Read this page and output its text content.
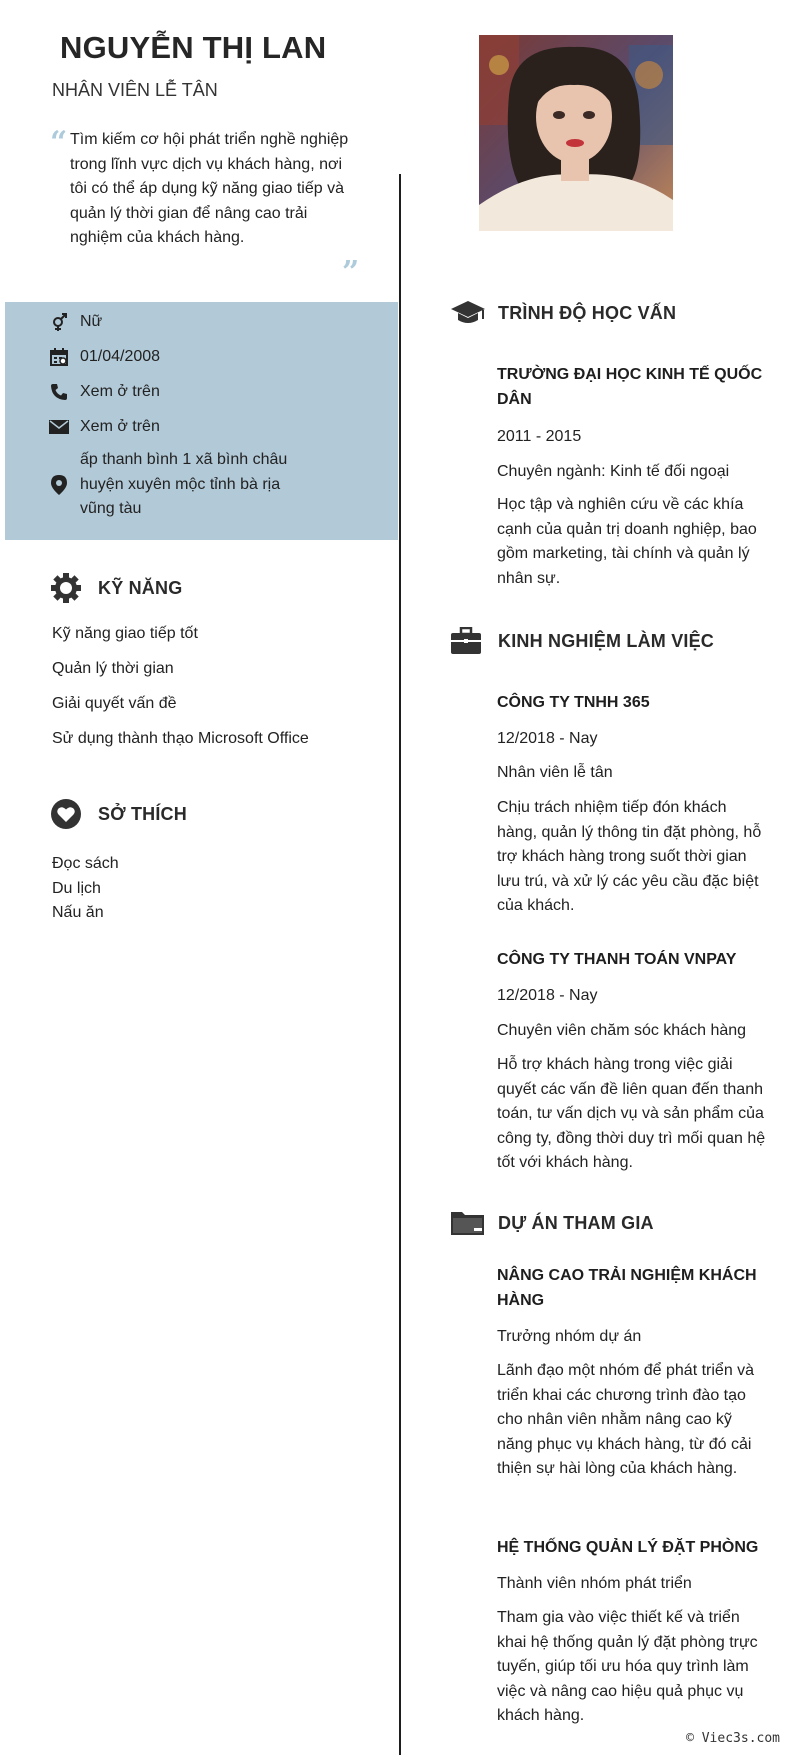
NGUYỄN THỊ LAN
NHÂN VIÊN LỄ TÂN
“ Tìm kiếm cơ hội phát triển nghề nghiệp trong lĩnh vực dịch vụ khách hàng, nơi tôi có thể áp dụng kỹ năng giao tiếp và quản lý thời gian để nâng cao trải nghiệm của khách hàng.
”
Nữ
01/04/2008
Xem ở trên
Xem ở trên
ấp thanh bình 1 xã bình châu
huyện xuyên mộc tỉnh bà rịa
vũng tàu
KỸ NĂNG
Kỹ năng giao tiếp tốt
Quản lý thời gian
Giải quyết vấn đề
Sử dụng thành thạo Microsoft Office
SỞ THÍCH
Đọc sách
Du lịch
Nấu ăn
TRÌNH ĐỘ HỌC VẤN
TRƯỜNG ĐẠI HỌC KINH TẾ QUỐC DÂN
2011 - 2015
Chuyên ngành: Kinh tế đối ngoại
Học tập và nghiên cứu về các khía cạnh của quản trị doanh nghiệp, bao gồm marketing, tài chính và quản lý nhân sự.
KINH NGHIỆM LÀM VIỆC
CÔNG TY TNHH 365
12/2018 - Nay
Nhân viên lễ tân
Chịu trách nhiệm tiếp đón khách hàng, quản lý thông tin đặt phòng, hỗ trợ khách hàng trong suốt thời gian lưu trú, và xử lý các yêu cầu đặc biệt của khách.
CÔNG TY THANH TOÁN VNPAY
12/2018 - Nay
Chuyên viên chăm sóc khách hàng
Hỗ trợ khách hàng trong việc giải quyết các vấn đề liên quan đến thanh toán, tư vấn dịch vụ và sản phẩm của công ty, đồng thời duy trì mối quan hệ tốt với khách hàng.
DỰ ÁN THAM GIA
NÂNG CAO TRẢI NGHIỆM KHÁCH HÀNG
Trưởng nhóm dự án
Lãnh đạo một nhóm để phát triển và triển khai các chương trình đào tạo cho nhân viên nhằm nâng cao kỹ năng phục vụ khách hàng, từ đó cải thiện sự hài lòng của khách hàng.
HỆ THỐNG QUẢN LÝ ĐẶT PHÒNG
Thành viên nhóm phát triển
Tham gia vào việc thiết kế và triển khai hệ thống quản lý đặt phòng trực tuyến, giúp tối ưu hóa quy trình làm việc và nâng cao hiệu quả phục vụ khách hàng.
© Viec3s.com
